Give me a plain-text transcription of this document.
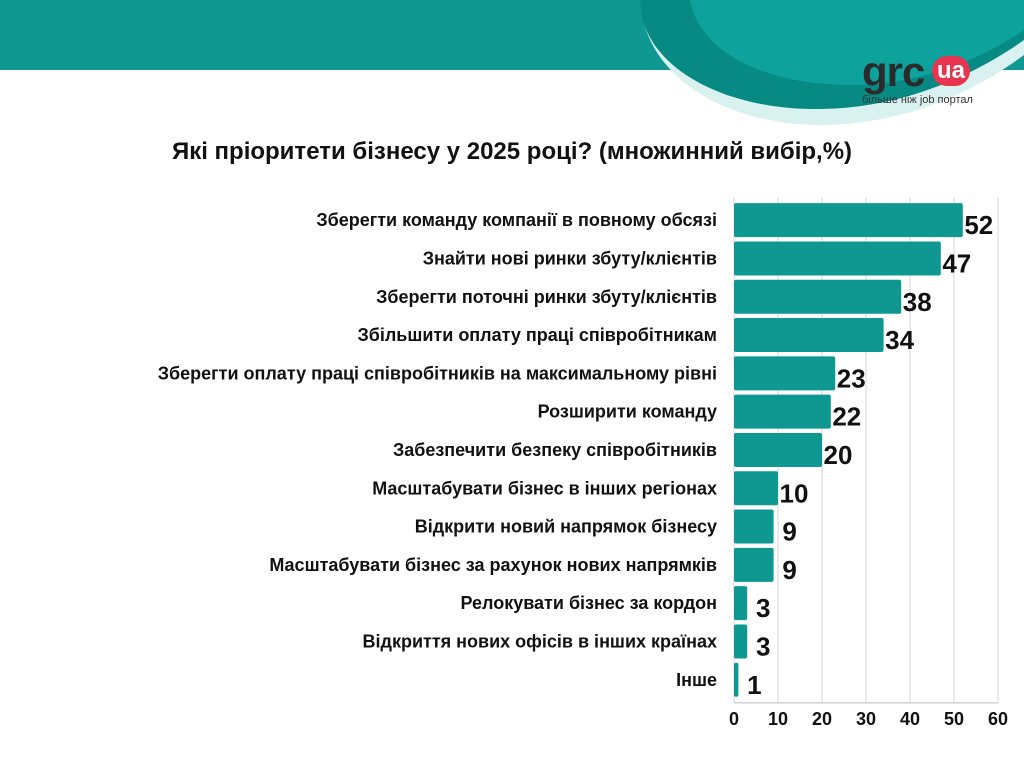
grc ua
більше ніж job портал
Які пріоритети бізнесу у 2025 році? (множинний вибір,%)
Зберегти команду компанії в повному обсязі	52
Знайти нові ринки збуту/клієнтів	47
Зберегти поточні ринки збуту/клієнтів	38
Збільшити оплату праці співробітникам	34
Зберегти оплату праці співробітників на максимальному рівні	23
Розширити команду	22
Забезпечити безпеку співробітників	20
Масштабувати бізнес в інших регіонах 10
Відкрити новий напрямок бізнесу	9
Масштабувати бізнес за рахунок нових напрямків	9
Релокувати бізнес за кордон 3
Відкриття нових офісів в інших країнах 3
Інше 1
0 10 20 30 40 50 60
